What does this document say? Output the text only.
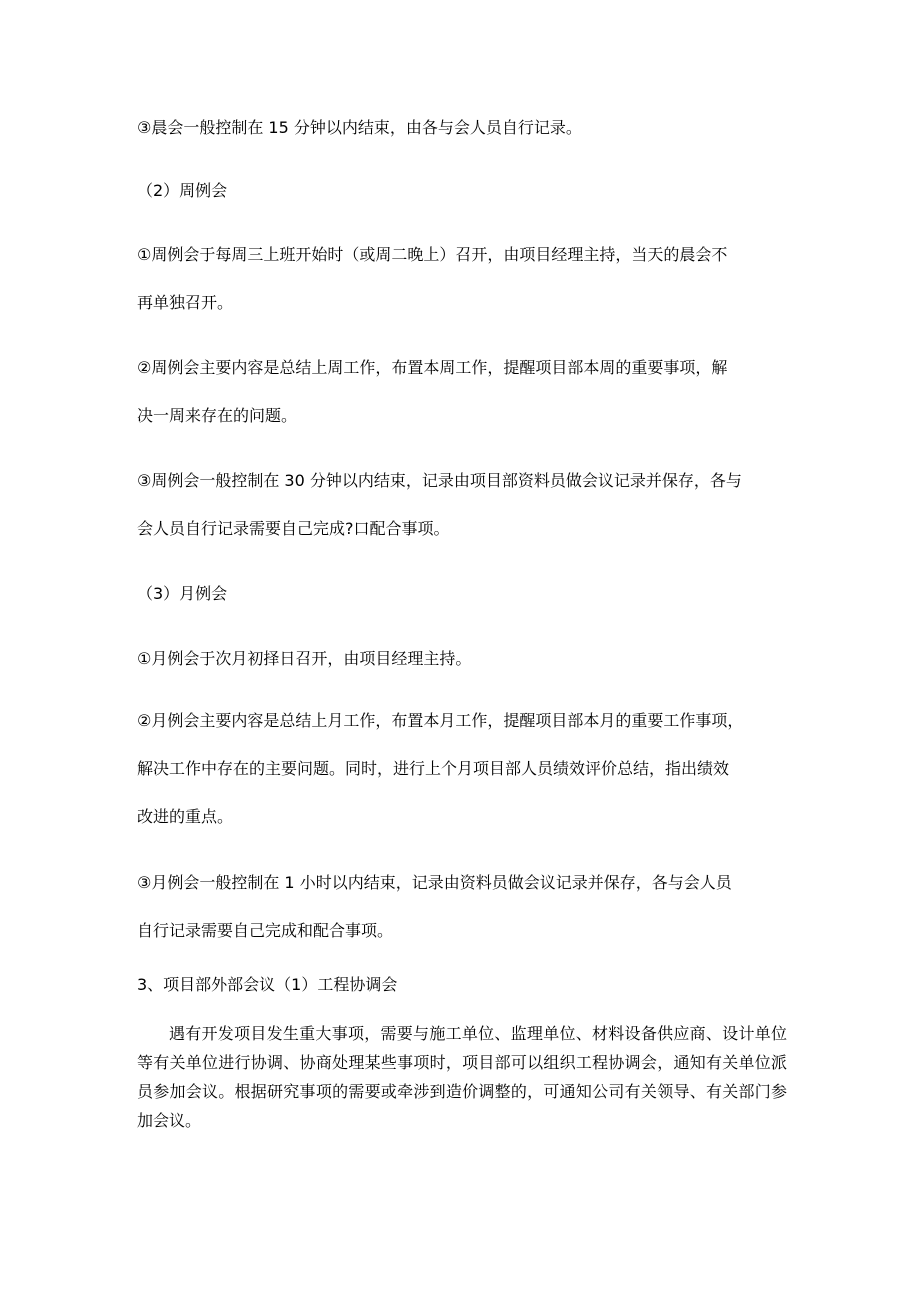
③晨会一般控制在 15 分钟以内结束，由各与会人员自行记录。

（2）周例会

①周例会于每周三上班开始时（或周二晚上）召开，由项目经理主持，当天的晨会不

再单独召开。

②周例会主要内容是总结上周工作，布置本周工作，提醒项目部本周的重要事项，解

决一周来存在的问题。

③周例会一般控制在 30 分钟以内结束，记录由项目部资料员做会议记录并保存，各与

会人员自行记录需要自己完成?口配合事项。

（3）月例会

①月例会于次月初择日召开，由项目经理主持。

②月例会主要内容是总结上月工作，布置本月工作，提醒项目部本月的重要工作事项，

解决工作中存在的主要问题。同时，进行上个月项目部人员绩效评价总结，指出绩效

改进的重点。

③月例会一般控制在 1 小时以内结束，记录由资料员做会议记录并保存，各与会人员

自行记录需要自己完成和配合事项。

3、项目部外部会议（1）工程协调会

遇有开发项目发生重大事项，需要与施工单位、监理单位、材料设备供应商、设计单位等有关单位进行协调、协商处理某些事项时，项目部可以组织工程协调会，通知有关单位派员参加会议。根据研究事项的需要或牵涉到造价调整的，可通知公司有关领导、有关部门参加会议。
